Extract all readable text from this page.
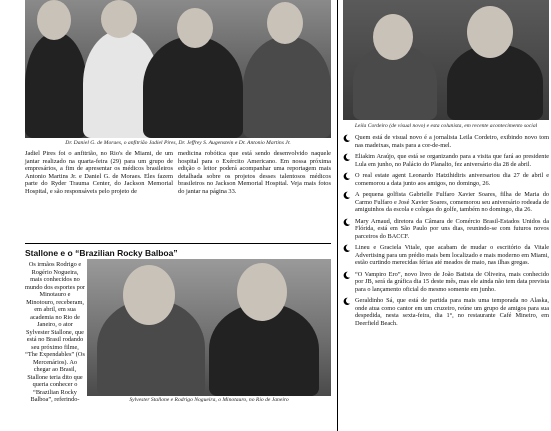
Dr. Daniel G. de Moraes, o anfitrião Jadiel Pires, Dr. Jeffrey S. Augenstein e Dr. Antonio Martins Jr.
Jadiel Pires foi o anfitrião, no Rio's de Miami, de um jantar realizado na quarta-feira (29) para um grupo de empresários, a fim de apresentar os médicos brasileiros Antonio Martins Jr. e Daniel G. de Moraes. Eles fazem parte do Ryder Trauma Center, do Jackson Memorial Hospital, e são responsáveis pelo projeto de
medicina robótica que está sendo desenvolvido naquele hospital para o Exército Americano. Em nossa próxima edição o leitor poderá acompanhar uma reportagem mais detalhada sobre os projetos desses talentosos médicos brasileiros no Jackson Memorial Hospital. Veja mais fotos do jantar na página 33.
Stallone e o “Brazilian Rocky Balboa”
Os irmãos Rodrigo e Rogério Nogueira, mais conhecidos no mundo dos esportes por Minotauro e Minotouro, receberam, em abril, em sua academia no Rio de Janeiro, o ator Sylvester Stallone, que está no Brasil rodando seu próximo filme, “The Expendables” (Os Mercenários). Ao chegar ao Brasil, Stallone teria dito que queria conhecer o “Brazilian Rocky Balboa”, referindo-	Sylvester Stallone e Rodrigo Nogueira, o Minotauro, no Rio de Janeiro
Leila Cordeiro (de visual novo) e esta colunista, em recente acontecimento social
Quem está de visual novo é a jornalista Leila Cordeiro, exibindo novo tom nas madeixas, mais para a cor-de-mel.
Eliakim Araújo, que está se organizando para a visita que fará ao presidente Lula em junho, no Palácio do Planalto, fez aniversário dia 28 de abril.
O real estate agent Leonardo Hatzihidiris aniversariou dia 27 de abril e comemorou a data junto aos amigos, no domingo, 26.
A pequena golfista Gabrielle Fulfaro Xavier Soares, filha de Maria do Carmo Fulfaro e José Xavier Soares, comemorou seu aniversário rodeada de amiguinhos da escola e colegas do golfe, também no domingo, dia 26.
Mary Arnaud, diretora da Câmara de Comércio Brasil-Estados Unidos da Flórida, está em São Paulo por uns dias, reunindo-se com futuros novos parceiros do BACCF.
Lineu e Graciela Vitale, que acabam de mudar o escritório da Vitale Advertising para um prédio mais bem localizado e mais moderno em Miami, estão curtindo merecidas férias até meados de maio, nas ilhas gregas.
“O Vampiro Ero”, novo livro de João Batista de Oliveira, mais conhecido por JB, será da gráfica dia 15 deste mês, mas ele ainda não tem data prevista para o lançamento oficial do mesmo somente em junho.
Geraldinho Sá, que está de partida para mais uma temporada no Alaska, onde atua como cantor em um cruzeiro, reúne um grupo de amigos para sua despedida, nesta sexta-feira, dia 1°, no restaurante Café Mineiro, em Deerfield Beach.
